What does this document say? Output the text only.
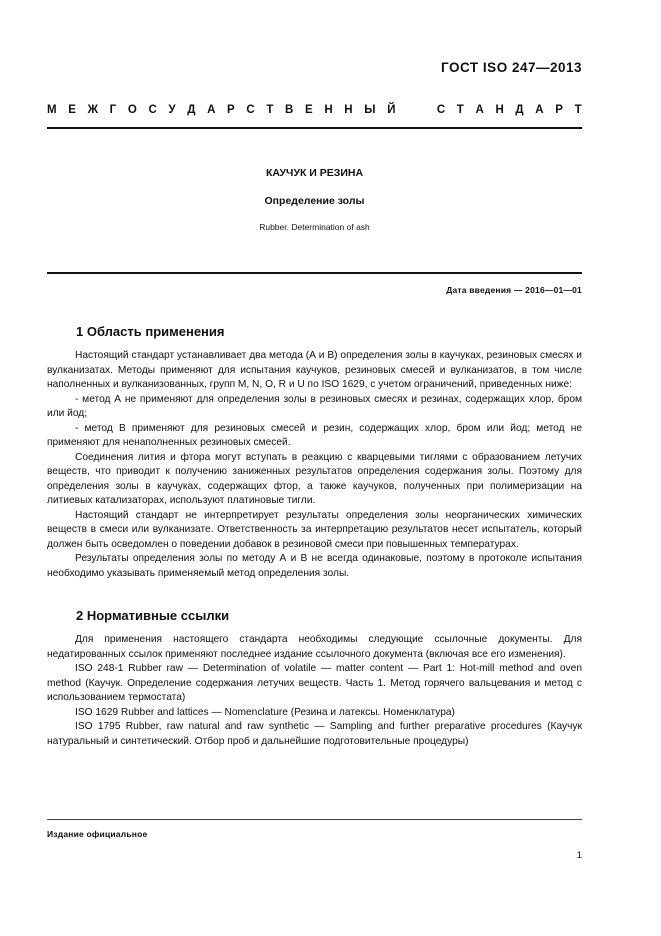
ГОСТ ISO 247—2013
М Е Ж Г О С У Д А Р С Т В Е Н Н Ы Й

	С Т А Н Д А Р Т
КАУЧУК И РЕЗИНА
Определение золы
Rubber. Determination of ash
Дата введения — 2016—01—01
1 Область применения

Настоящий стандарт устанавливает два метода (А и В) определения золы в каучуках, резиновых смесях и вулканизатах. Методы применяют для испытания каучуков, резиновых смесей и вулканизатов, в том числе наполненных и вулканизованных, групп M, N, O, R и U по ISO 1629, с учетом ограничений, приведенных ниже:

- метод А не применяют для определения золы в резиновых смесях и резинах, содержащих хлор, бром или йод;

- метод В применяют для резиновых смесей и резин, содержащих хлор, бром или йод; метод не применяют для ненаполненных резиновых смесей.

Соединения лития и фтора могут вступать в реакцию с кварцевыми тиглями с образованием летучих веществ, что приводит к получению заниженных результатов определения содержания золы. Поэтому для определения золы в каучуках, содержащих фтор, а также каучуков, полученных при полимеризации на литиевых катализаторах, используют платиновые тигли.

Настоящий стандарт не интерпретирует результаты определения золы неорганических химических веществ в смеси или вулканизате. Ответственность за интерпретацию результатов несет испытатель, который должен быть осведомлен о поведении добавок в резиновой смеси при повышенных температурах.

Результаты определения золы по методу А и В не всегда одинаковые, поэтому в протоколе испытания необходимо указывать применяемый метод определения золы.

2 Нормативные ссылки

Для применения настоящего стандарта необходимы следующие ссылочные документы. Для недатированных ссылок применяют последнее издание ссылочного документа (включая все его изменения).

ISO 248-1 Rubber raw — Determination of volatile — matter content — Part 1: Hot-mill method and oven method (Каучук. Определение содержания летучих веществ. Часть 1. Метод горячего вальцевания и метод с использованием термостата)

ISO 1629 Rubber and lattices — Nomenclature (Резина и латексы. Номенклатура)

ISO 1795 Rubber, raw natural and raw synthetic — Sampling and further preparative procedures (Каучук натуральный и синтетический. Отбор проб и дальнейшие подготовительные процедуры)

Издание официальное
1
